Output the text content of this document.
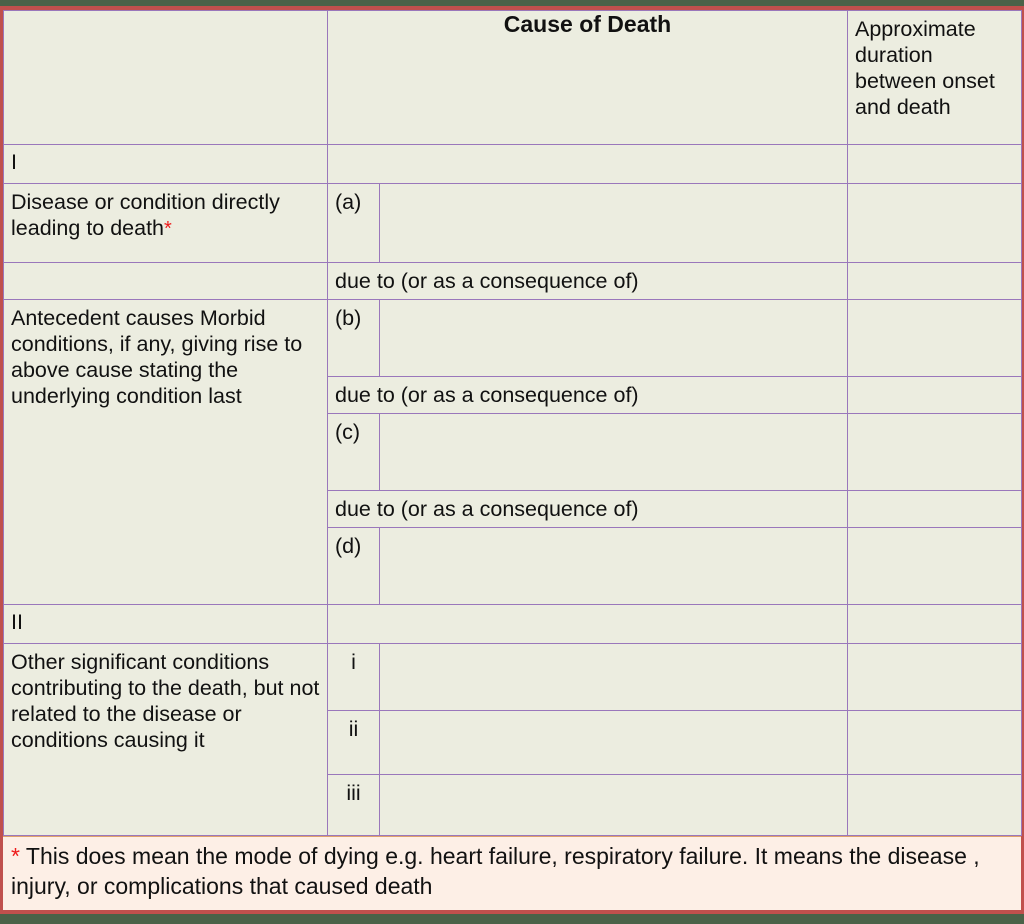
	Cause of Death		Approximate duration between onset and death

I			

Disease or condition directly leading to death*	(a)		

	due to (or as a consequence of)		

Antecedent causes Morbid conditions, if any, giving rise to above cause stating the underlying condition last	(b)		

	due to (or as a consequence of)		

	(c)		

	due to (or as a consequence of)		

	(d)		

II			

Other significant conditions contributing to the death, but not related to the disease or conditions causing it	i		

	ii		

	iii		

* This does mean the mode of dying e.g. heart failure, respiratory failure. It means the disease , injury, or complications that caused death
